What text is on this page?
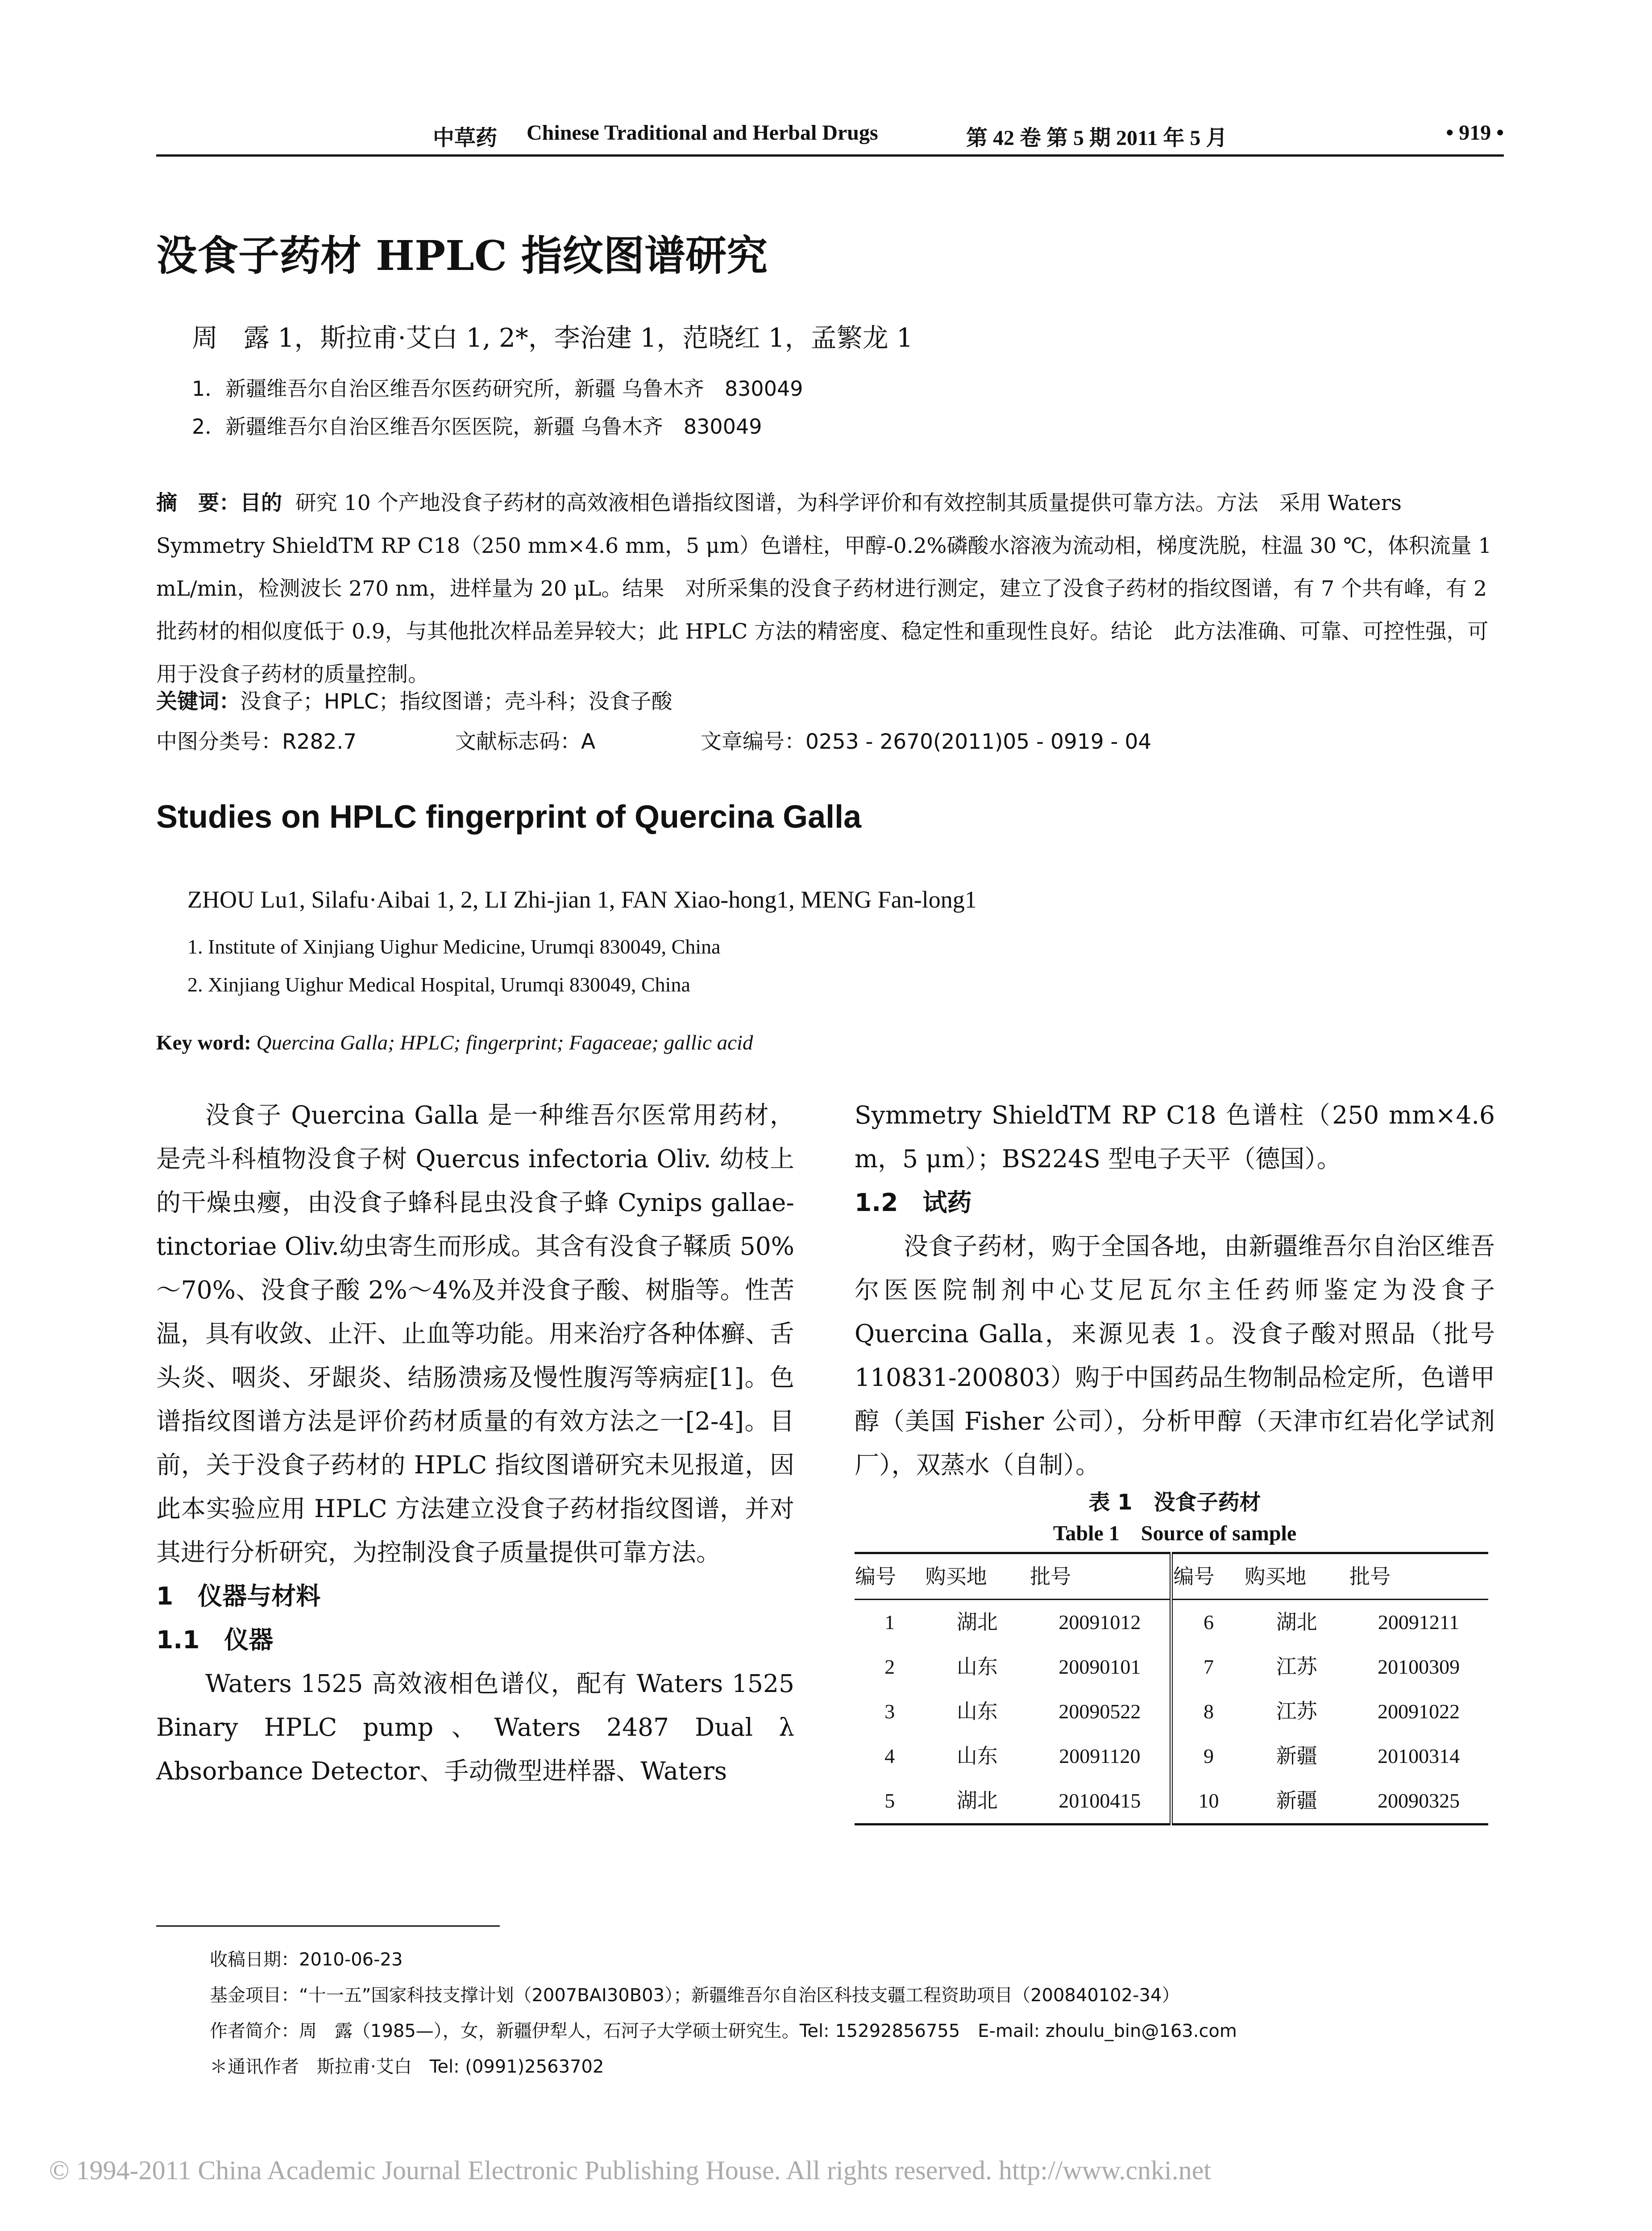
中草药 Chinese Traditional and Herbal Drugs	第 42 卷 第 5 期 2011 年 5 月	• 919 •
没食子药材 HPLC 指纹图谱研究
周　露 1，斯拉甫·艾白 1, 2*，李治建 1，范晓红 1，孟繁龙 1
1．新疆维吾尔自治区维吾尔医药研究所，新疆 乌鲁木齐　830049
2．新疆维吾尔自治区维吾尔医医院，新疆 乌鲁木齐　830049
摘　要：目的 研究 10 个产地没食子药材的高效液相色谱指纹图谱，为科学评价和有效控制其质量提供可靠方法。方法　采用 Waters Symmetry ShieldTM RP C18（250 mm×4.6 mm，5 μm）色谱柱，甲醇-0.2%磷酸水溶液为流动相，梯度洗脱，柱温 30 ℃，体积流量 1 mL/min，检测波长 270 nm，进样量为 20 μL。结果　对所采集的没食子药材进行测定，建立了没食子药材的指纹图谱，有 7 个共有峰，有 2 批药材的相似度低于 0.9，与其他批次样品差异较大；此 HPLC 方法的精密度、稳定性和重现性良好。结论　此方法准确、可靠、可控性强，可用于没食子药材的质量控制。
关键词：没食子；HPLC；指纹图谱；壳斗科；没食子酸
中图分类号：R282.7	文献标志码：A	文章编号：0253 - 2670(2011)05 - 0919 - 04
Studies on HPLC fingerprint of Quercina Galla
ZHOU Lu1, Silafu·Aibai 1, 2, LI Zhi-jian 1, FAN Xiao-hong1, MENG Fan-long1
1. Institute of Xinjiang Uighur Medicine, Urumqi 830049, China
2. Xinjiang Uighur Medical Hospital, Urumqi 830049, China
Key word: Quercina Galla; HPLC; fingerprint; Fagaceae; gallic acid

没食子 Quercina Galla 是一种维吾尔医常用药材，是壳斗科植物没食子树 Quercus infectoria Oliv. 幼枝上的干燥虫瘿，由没食子蜂科昆虫没食子蜂 Cynips gallae-tinctoriae Oliv.幼虫寄生而形成。其含有没食子鞣质 50%～70%、没食子酸 2%～4%及并没食子酸、树脂等。性苦温，具有收敛、止汗、止血等功能。用来治疗各种体癣、舌头炎、咽炎、牙龈炎、结肠溃疡及慢性腹泻等病症[1]。色谱指纹图谱方法是评价药材质量的有效方法之一[2-4]。目前，关于没食子药材的 HPLC 指纹图谱研究未见报道，因此本实验应用 HPLC 方法建立没食子药材指纹图谱，并对其进行分析研究，为控制没食子质量提供可靠方法。

1　仪器与材料
1.1　仪器

Waters 1525 高效液相色谱仪，配有 Waters 1525 Binary HPLC pump、Waters 2487 Dual λ Absorbance Detector、手动微型进样器、Waters

Symmetry ShieldTM RP C18 色谱柱（250 mm×4.6 m，5 μm）；BS224S 型电子天平（德国）。

1.2　试药

没食子药材，购于全国各地，由新疆维吾尔自治区维吾尔医医院制剂中心艾尼瓦尔主任药师鉴定为没食子 Quercina Galla，来源见表 1。没食子酸对照品（批号 110831-200803）购于中国药品生物制品检定所，色谱甲醇（美国 Fisher 公司），分析甲醇（天津市红岩化学试剂厂），双蒸水（自制）。

表 1　没食子药材
Table 1　Source of sample
编号	购买地	批号	编号	购买地	批号
1	湖北	20091012	6	湖北	20091211
2	山东	20090101	7	江苏	20100309
3	山东	20090522	8	江苏	20091022
4	山东	20091120	9	新疆	20100314
5	湖北	20100415	10	新疆	20090325
收稿日期：2010-06-23
基金项目：“十一五”国家科技支撑计划（2007BAI30B03）；新疆维吾尔自治区科技支疆工程资助项目（200840102-34）
作者简介：周　露（1985—），女，新疆伊犁人，石河子大学硕士研究生。Tel: 15292856755　E-mail: zhoulu_bin@163.com
＊通讯作者　斯拉甫·艾白　Tel: (0991)2563702
© 1994-2011 China Academic Journal Electronic Publishing House. All rights reserved. http://www.cnki.net
